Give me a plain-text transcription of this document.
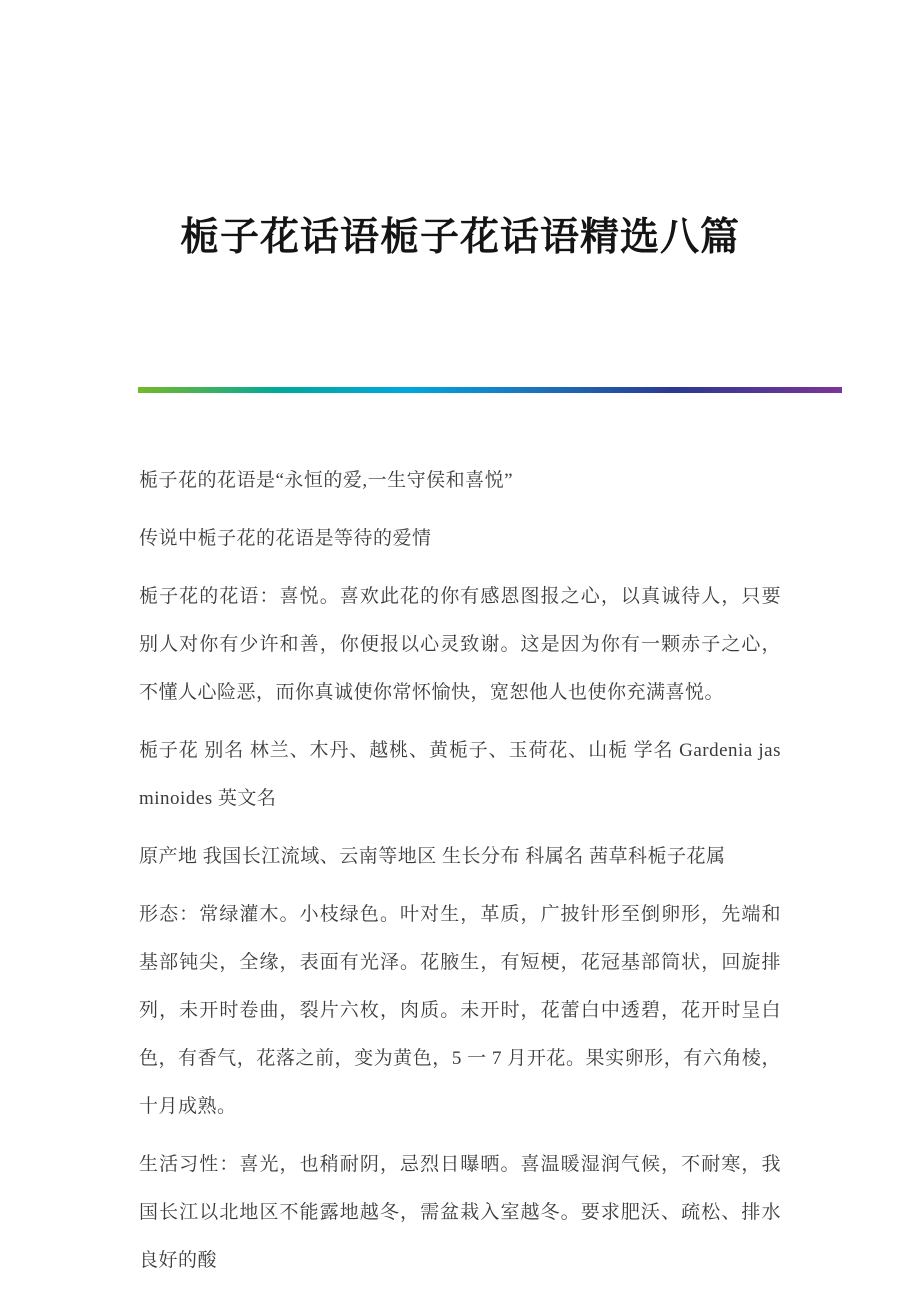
栀子花话语栀子花话语精选八篇

栀子花的花语是“永恒的爱,一生守侯和喜悦”

传说中栀子花的花语是等待的爱情

栀子花的花语：喜悦。喜欢此花的你有感恩图报之心，以真诚待人，只要别人对你有少许和善，你便报以心灵致谢。这是因为你有一颗赤子之心，不懂人心险恶，而你真诚使你常怀愉快，宽恕他人也使你充满喜悦。

栀子花 别名 林兰、木丹、越桃、黄栀子、玉荷花、山栀 学名 Gardenia jasminoides 英文名

原产地 我国长江流域、云南等地区 生长分布 科属名 茜草科栀子花属

形态：常绿灌木。小枝绿色。叶对生，革质，广披针形至倒卵形，先端和基部钝尖，全缘，表面有光泽。花腋生，有短梗，花冠基部筒状，回旋排列，未开时卷曲，裂片六枚，肉质。未开时，花蕾白中透碧，花开时呈白色，有香气，花落之前，变为黄色，5 一 7 月开花。果实卵形，有六角棱，十月成熟。

生活习性：喜光，也稍耐阴，忌烈日曝晒。喜温暖湿润气候，不耐寒，我国长江以北地区不能露地越冬，需盆栽入室越冬。要求肥沃、疏松、排水良好的酸
